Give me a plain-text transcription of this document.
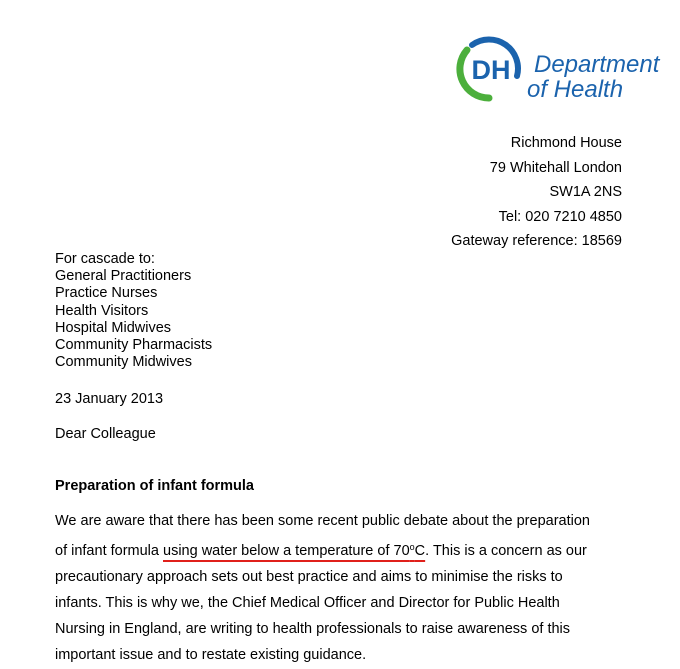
DH Department
of Health
Richmond House
79 Whitehall London
SW1A 2NS
Tel: 020 7210 4850
Gateway reference: 18569
For cascade to:
General Practitioners
Practice Nurses
Health Visitors
Hospital Midwives
Community Pharmacists
Community Midwives
23 January 2013
Dear Colleague
Preparation of infant formula
We are aware that there has been some recent public debate about the preparation
of infant formula using water below a temperature of 70$^o$C. This is a concern as our
precautionary approach sets out best practice and aims to minimise the risks to
infants. This is why we, the Chief Medical Officer and Director for Public Health
Nursing in England, are writing to health professionals to raise awareness of this
important issue and to restate existing guidance.
